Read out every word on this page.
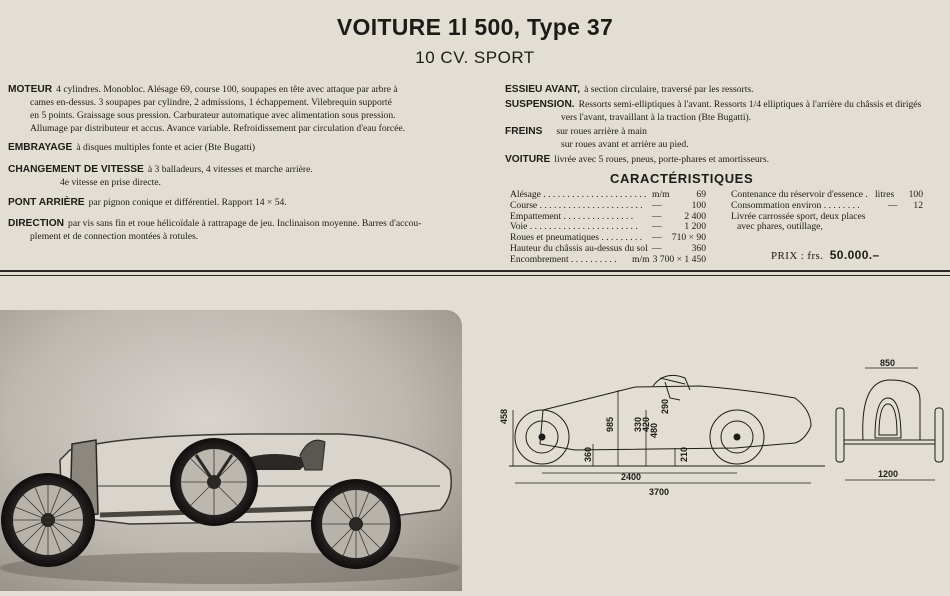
VOITURE 1l 500, Type 37
10 CV. SPORT
MOTEUR 4 cylindres. Monobloc. Alésage 69, course 100, soupapes en tête avec attaque par arbre à
cames en-dessus. 3 soupapes par cylindre, 2 admissions, 1 échappement. Vilebrequin supporté
en 5 points. Graissage sous pression. Carburateur automatique avec alimentation sous pression.
Allumage par distributeur et accus. Avance variable. Refroidissement par circulation d'eau forcée.
EMBRAYAGE à disques multiples fonte et acier (Bte Bugatti)
CHANGEMENT DE VITESSE à 3 balladeurs, 4 vitesses et marche arrière.
4e vitesse en prise directe.
PONT ARRIÈRE par pignon conique et différentiel. Rapport 14 × 54.
DIRECTION par vis sans fin et roue hélicoïdale à rattrapage de jeu. Inclinaison moyenne. Barres d'accou-
plement et de connection montées à rotules.
ESSIEU AVANT, à section circulaire, traversé par les ressorts.
SUSPENSION. Ressorts semi-elliptiques à l'avant. Ressorts 1/4 elliptiques à l'arrière du châssis et dirigés
vers l'avant, travaillant à la traction (Bte Bugatti).
FREINS sur roues arrière à main
sur roues avant et arrière au pied.
VOITURE livrée avec 5 roues, pneus, porte-phares et amortisseurs.
CARACTÉRISTIQUES
Alésage . . . . . . . . . . . . . . . . . . . . . . m/m	69
Course . . . . . . . . . . . . . . . . . . . . . . —	100
Empattement . . . . . . . . . . . . . . . — 2 400
Voie . . . . . . . . . . . . . . . . . . . . . . . — 1 200
Roues et pneumatiques . . . . . . . . . — 710 × 90
Hauteur du châssis au-dessus du sol —	360
Encombrement . . . . . . . . . . m/m 3 700 × 1 450
Contenance du réservoir d'essence . litres 100
Consommation environ . . . . . . . .	— 12
Livrée carrossée sport, deux places
avec phares, outillage,
PRIX : frs. 50.000.–
458
985 330
420
480
290
360	210
2400
3700
850
1200
